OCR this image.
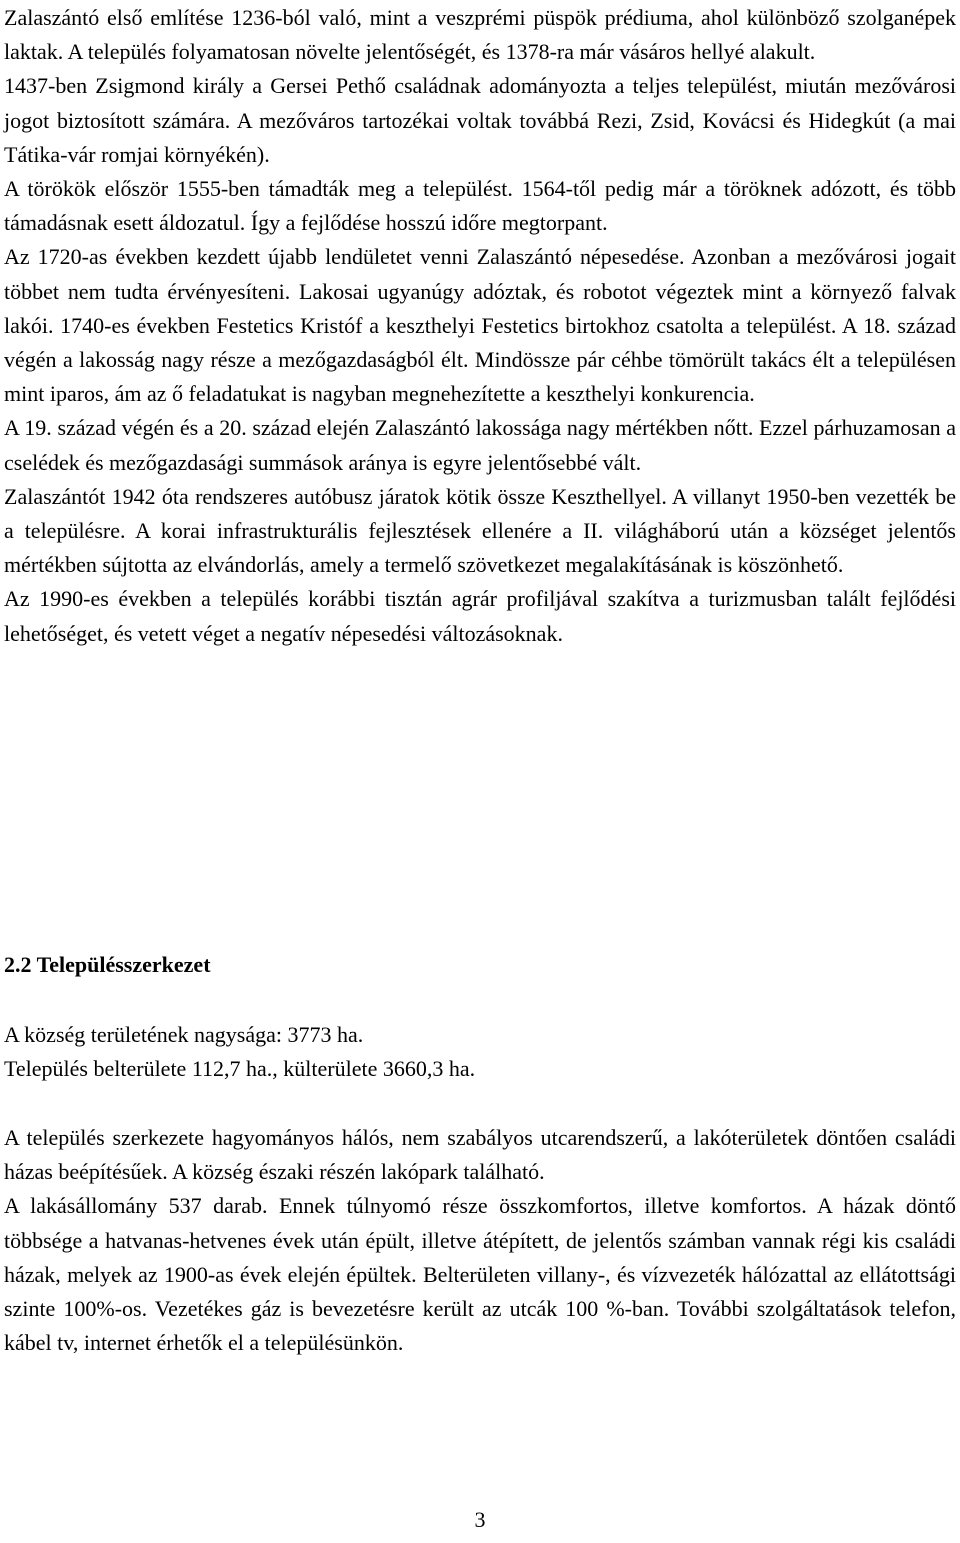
Zalaszántó első említése 1236-ból való, mint a veszprémi püspök prédiuma, ahol különböző szolganépek laktak. A település folyamatosan növelte jelentőségét, és 1378-ra már vásáros hellyé alakult.

1437-ben Zsigmond király a Gersei Pethő családnak adományozta a teljes települést, miután mezővárosi jogot biztosított számára. A mezőváros tartozékai voltak továbbá Rezi, Zsid, Kovácsi és Hidegkút (a mai Tátika-vár romjai környékén).

A törökök először 1555-ben támadták meg a települést. 1564-től pedig már a töröknek adózott, és több támadásnak esett áldozatul. Így a fejlődése hosszú időre megtorpant.

Az 1720-as években kezdett újabb lendületet venni Zalaszántó népesedése. Azonban a mezővárosi jogait többet nem tudta érvényesíteni. Lakosai ugyanúgy adóztak, és robotot végeztek mint a környező falvak lakói. 1740-es években Festetics Kristóf a keszthelyi Festetics birtokhoz csatolta a települést. A 18. század végén a lakosság nagy része a mezőgazdaságból élt. Mindössze pár céhbe tömörült takács élt a településen mint iparos, ám az ő feladatukat is nagyban megnehezítette a keszthelyi konkurencia.

A 19. század végén és a 20. század elején Zalaszántó lakossága nagy mértékben nőtt. Ezzel párhuzamosan a cselédek és mezőgazdasági summások aránya is egyre jelentősebbé vált.

Zalaszántót 1942 óta rendszeres autóbusz járatok kötik össze Keszthellyel. A villanyt 1950-ben vezették be a településre. A korai infrastrukturális fejlesztések ellenére a II. világháború után a községet jelentős mértékben sújtotta az elvándorlás, amely a termelő szövetkezet megalakításának is köszönhető.

Az 1990-es években a település korábbi tisztán agrár profiljával szakítva a turizmusban talált fejlődési lehetőséget, és vetett véget a negatív népesedési változásoknak.

2.2 Településszerkezet

A község területének nagysága: 3773 ha.

Település belterülete 112,7 ha., külterülete 3660,3 ha.

A település szerkezete hagyományos hálós, nem szabályos utcarendszerű, a lakóterületek döntően családi házas beépítésűek. A község északi részén lakópark található.

A lakásállomány 537 darab. Ennek túlnyomó része összkomfortos, illetve komfortos. A házak döntő többsége a hatvanas-hetvenes évek után épült, illetve átépített, de jelentős számban vannak régi kis családi házak, melyek az 1900-as évek elején épültek. Belterületen villany-, és vízvezeték hálózattal az ellátottsági szinte 100%-os. Vezetékes gáz is bevezetésre került az utcák 100 %-ban. További szolgáltatások telefon, kábel tv, internet érhetők el a településünkön.

3
